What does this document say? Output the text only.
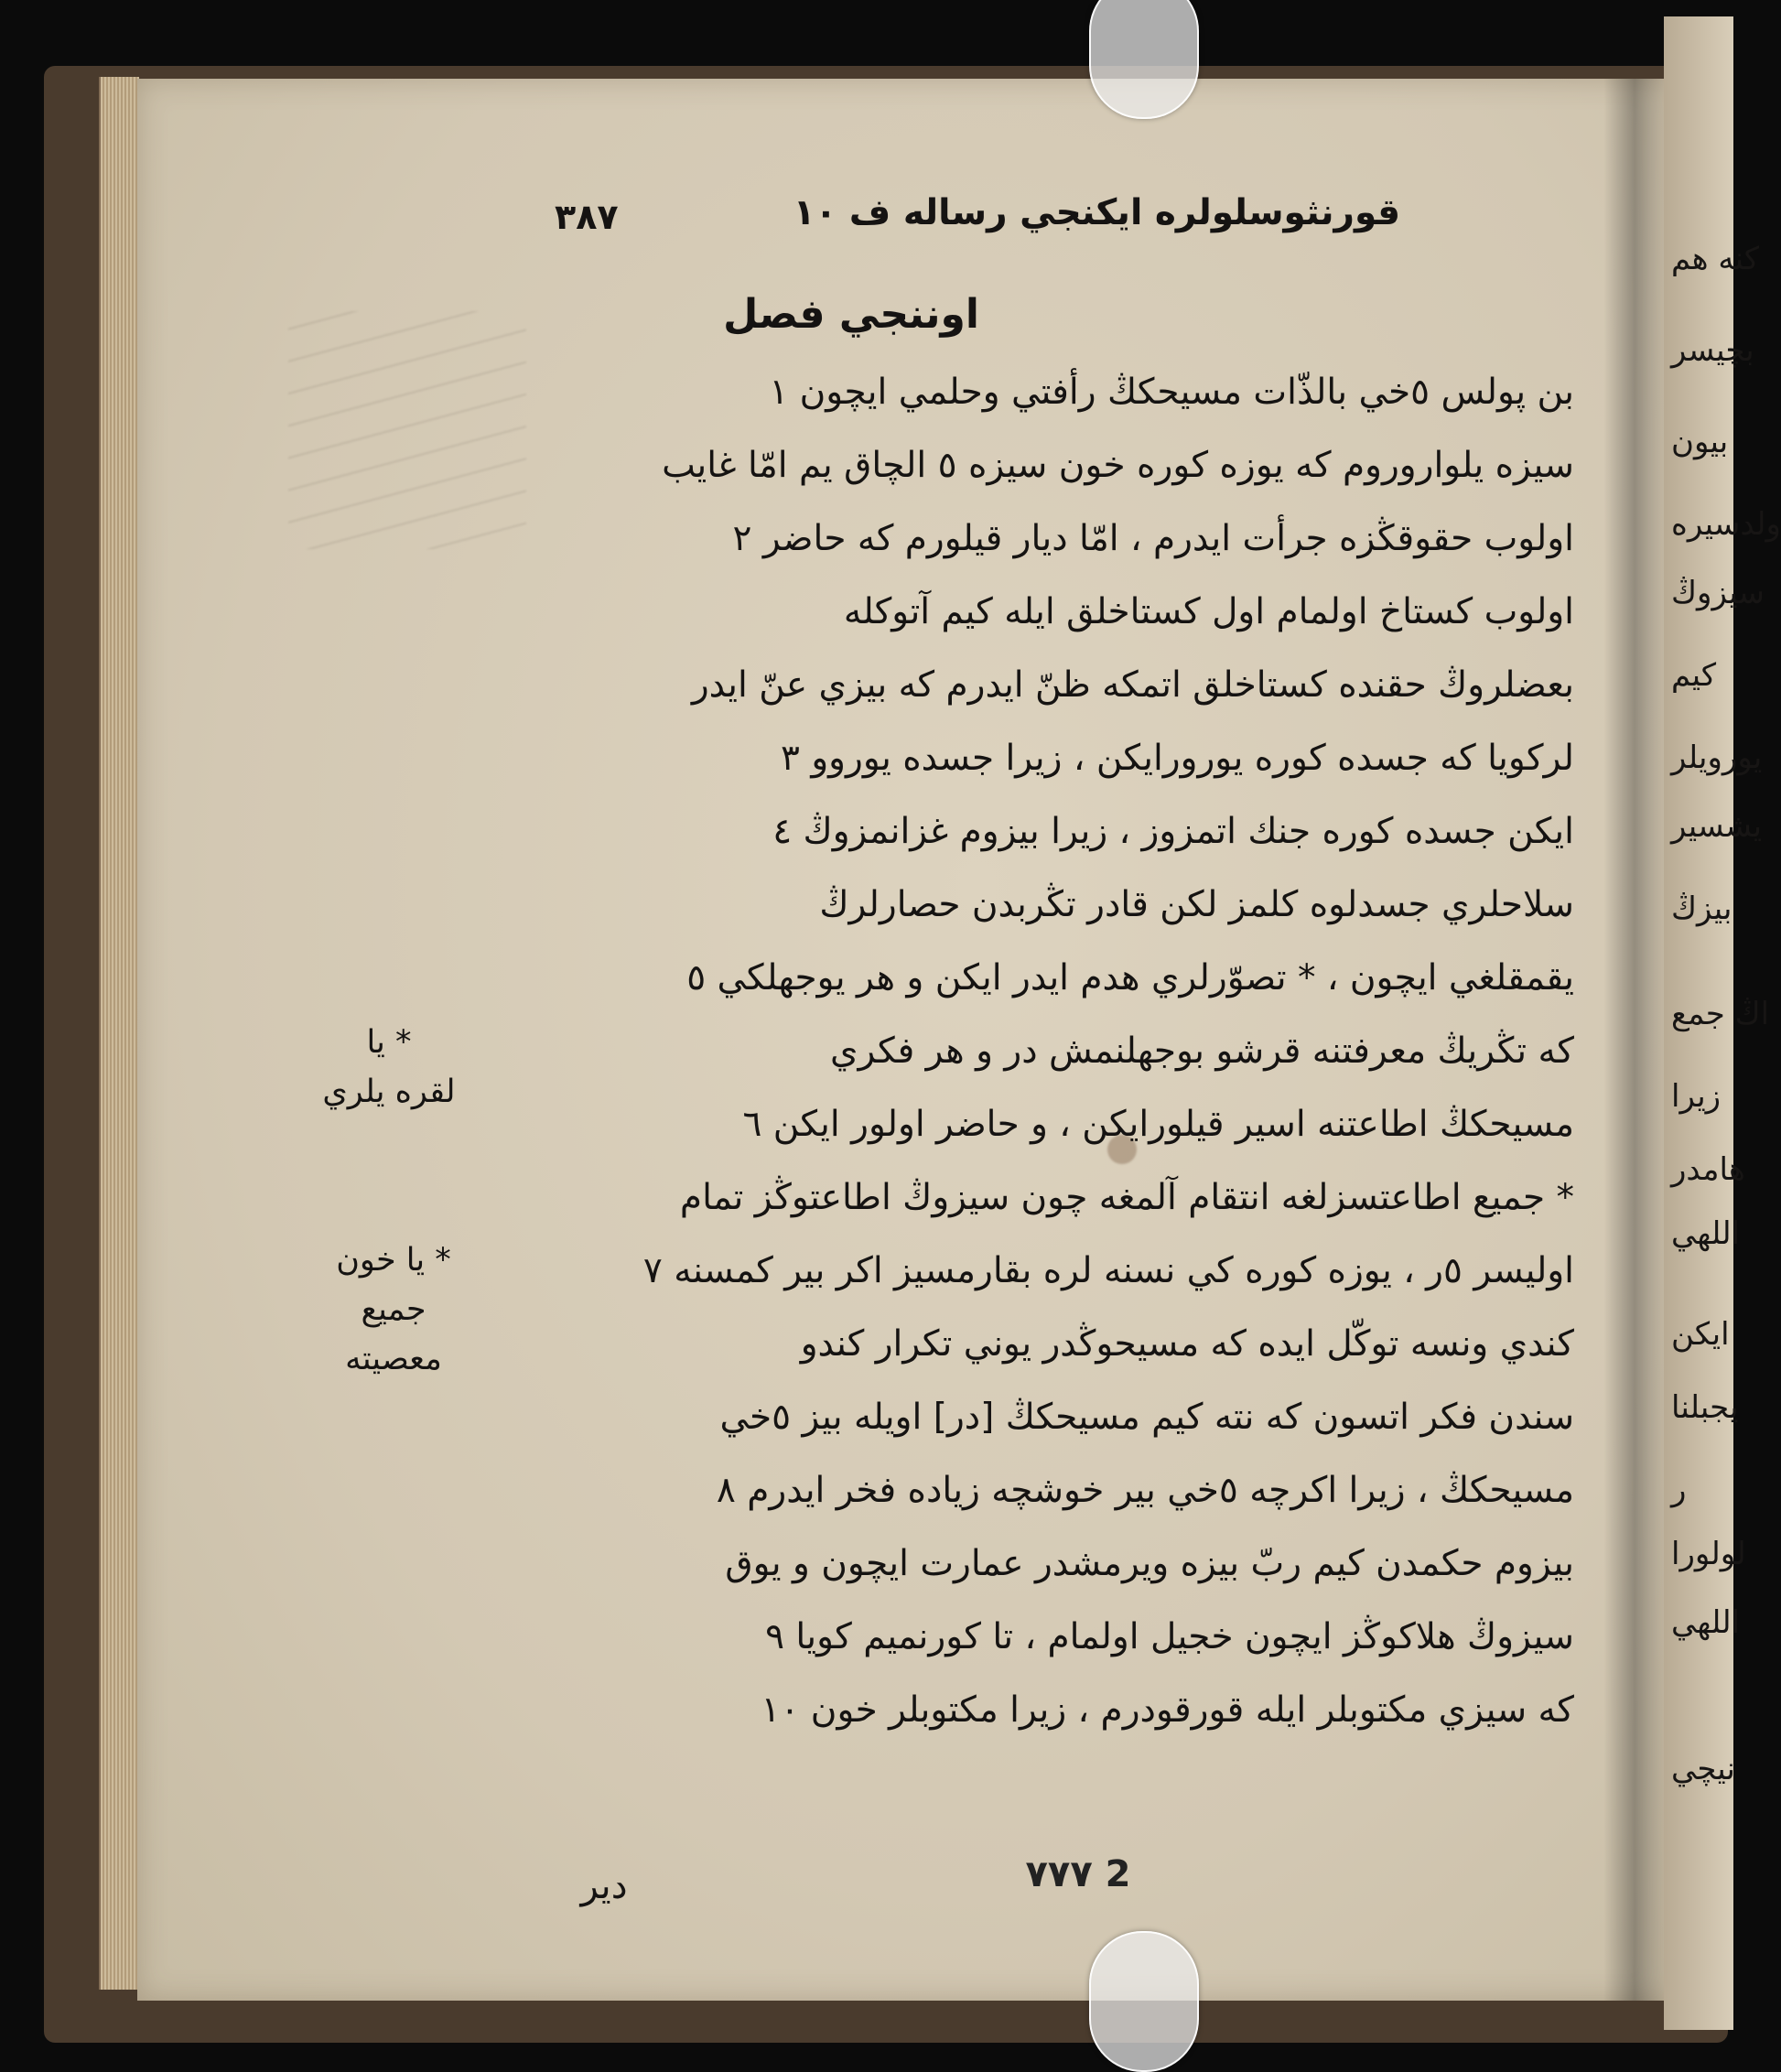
كنه هم
بچيسر
بيون
ولدسيره
سيزوڭ
كيم
يورويلر
يشسير
بيزڭ
اڭ جمع
زيرا
هامدر
اللهي
ايكن
يجبلنا
ر
لولورا
اللهي
نيچي
قورنثوسلولرە ايكنجي رسالە ف ١٠
٣٨٧
اوننجي فصل
بن پولس ٥خي بالذّات مسيحكڭ رأفتي وحلمي ايچون ١
سيزه يلواروروم كه يوزه كوره خون سيزه ٥ الچاق يم امّا غايب
اولوب حقوقڭزه جرأت ايدرم ، امّا ديار قيلورم كه حاضر ٢
اولوب كستاخ اولمام اول كستاخلق ايله كيم آتوكلە
بعضلروڭ حقنده كستاخلق اتمكه ظنّ ايدرم كه بيزي عنّ ايدر
لركويا كه جسده كوره يورورايكن ، زيرا جسده يوروو ٣
ايكن جسده كوره جنك اتمزوز ، زيرا بيزوم غزانمزوڭ ٤
سلاحلري جسدلوه كلمز لكن قادر تڭربدن حصارلرڭ
يقمقلغي ايچون ، * تصوّرلري هدم ايدر ايكن و هر يوجهلكي ٥
كه تڭريڭ معرفتنه قرشو بوجهلنمش در و هر فكري
مسيحكڭ اطاعتنه اسير قيلورايكن ، و حاضر اولور ايكن ٦
* جميع اطاعتسزلغه انتقام آلمغه چون سيزوڭ اطاعتوڭز تمام
اوليسر ٥ر ، يوزه كوره كي نسنه لره بقارمسيز اكر بير كمسنه ٧
كندي ونسه توكّل ايده كه مسيحوڭدر يوني تكرار كندو
سندن فكر اتسون كه نته كيم مسيحكڭ [در] اويله بيز ٥خي
مسيحكڭ ، زيرا اكرچه ٥خي بير خوشچه زيادە فخر ايدرم ٨
بيزوم حكمدن كيم ربّ بيزه ويرمشدر عمارت ايچون و يوق
سيزوڭ هلاكوڭز ايچون خجيل اولمام ، تا كورنميم كويا ٩
كه سيزي مكتوبلر ايله قورقودرم ، زيرا مكتوبلر خون ١٠
* يا
لقره يلري
* يا خون
جميع
معصيته
دير	٧٧٧ 2
